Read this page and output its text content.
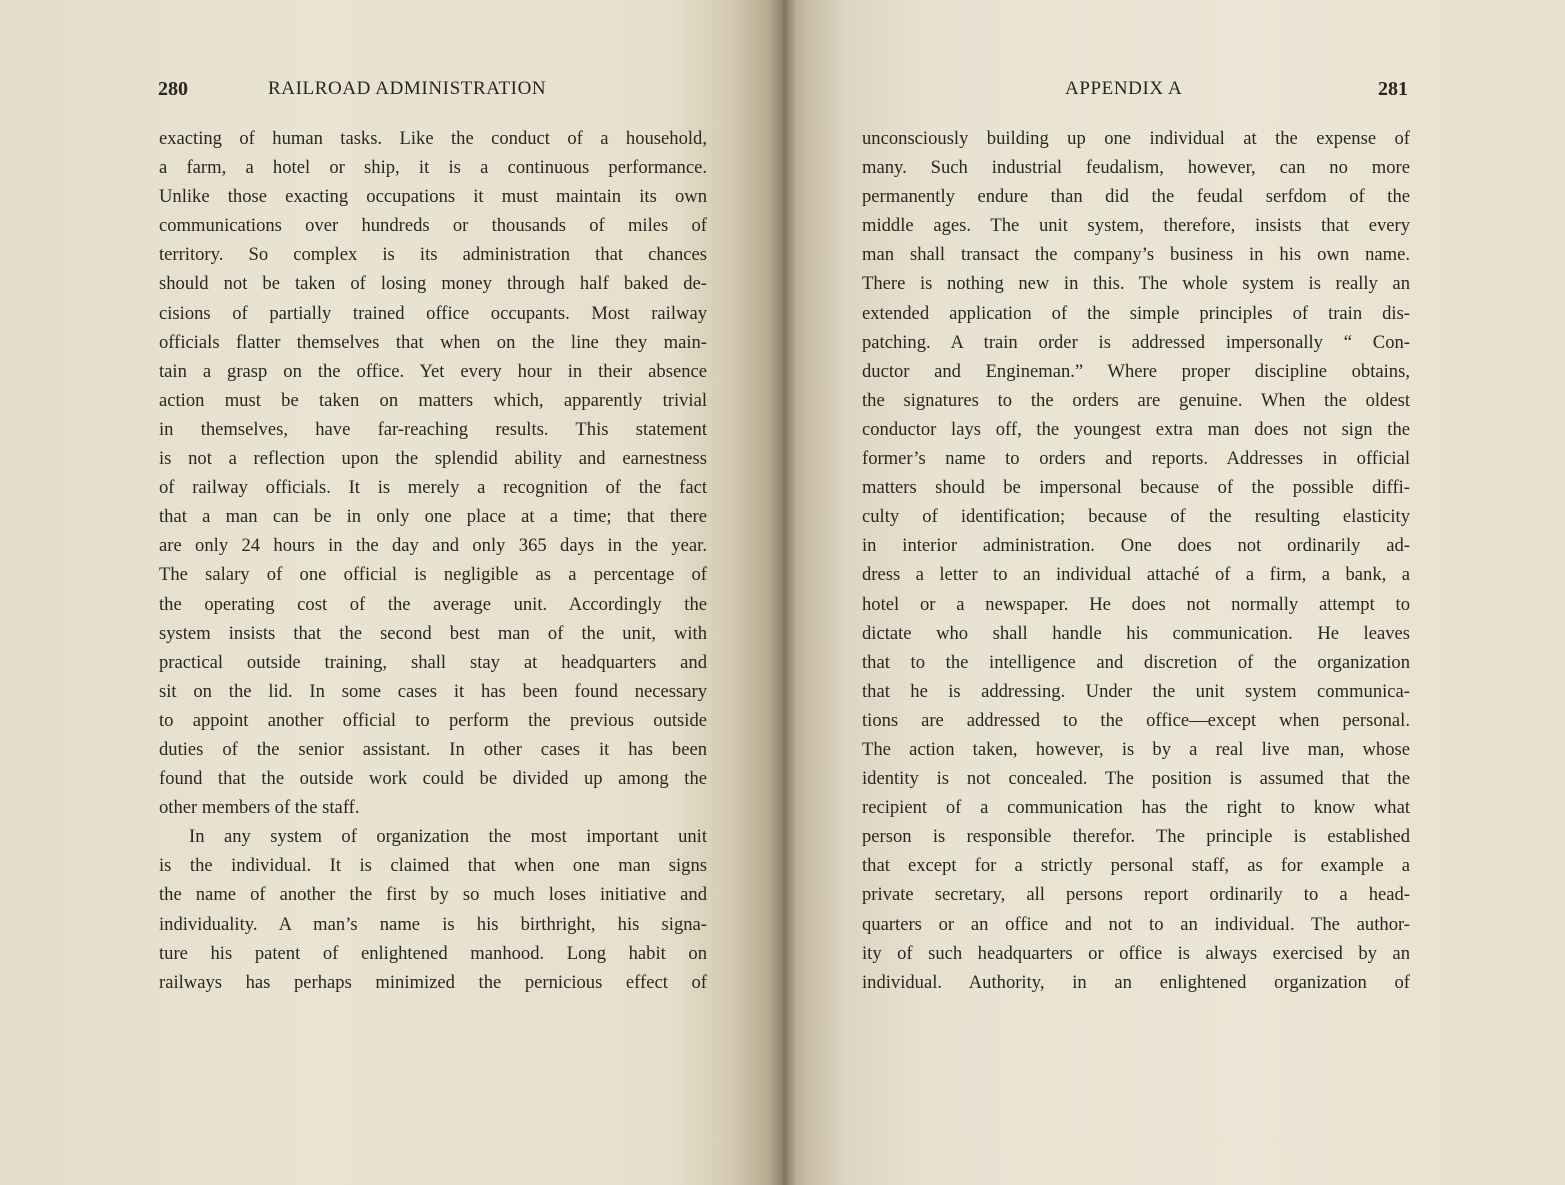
280	RAILROAD ADMINISTRATION
exacting of human tasks. Like the conduct of a household,
a farm, a hotel or ship, it is a continuous performance.
Unlike those exacting occupations it must maintain its own
communications over hundreds or thousands of miles of
territory. So complex is its administration that chances
should not be taken of losing money through half baked de-
cisions of partially trained office occupants. Most railway
officials flatter themselves that when on the line they main-
tain a grasp on the office. Yet every hour in their absence
action must be taken on matters which, apparently trivial
in themselves, have far-reaching results. This statement
is not a reflection upon the splendid ability and earnestness
of railway officials. It is merely a recognition of the fact
that a man can be in only one place at a time; that there
are only 24 hours in the day and only 365 days in the year.
The salary of one official is negligible as a percentage of
the operating cost of the average unit. Accordingly the
system insists that the second best man of the unit, with
practical outside training, shall stay at headquarters and
sit on the lid. In some cases it has been found necessary
to appoint another official to perform the previous outside
duties of the senior assistant. In other cases it has been
found that the outside work could be divided up among the
other members of the staff.
In any system of organization the most important unit
is the individual. It is claimed that when one man signs
the name of another the first by so much loses initiative and
individuality. A man’s name is his birthright, his signa-
ture his patent of enlightened manhood. Long habit on
railways has perhaps minimized the pernicious effect of
APPENDIX A	281
unconsciously building up one individual at the expense of
many. Such industrial feudalism, however, can no more
permanently endure than did the feudal serfdom of the
middle ages. The unit system, therefore, insists that every
man shall transact the company’s business in his own name.
There is nothing new in this. The whole system is really an
extended application of the simple principles of train dis-
patching. A train order is addressed impersonally “ Con-
ductor and Engineman.” Where proper discipline obtains,
the signatures to the orders are genuine. When the oldest
conductor lays off, the youngest extra man does not sign the
former’s name to orders and reports. Addresses in official
matters should be impersonal because of the possible diffi-
culty of identification; because of the resulting elasticity
in interior administration. One does not ordinarily ad-
dress a letter to an individual attaché of a firm, a bank, a
hotel or a newspaper. He does not normally attempt to
dictate who shall handle his communication. He leaves
that to the intelligence and discretion of the organization
that he is addressing. Under the unit system communica-
tions are addressed to the office—except when personal.
The action taken, however, is by a real live man, whose
identity is not concealed. The position is assumed that the
recipient of a communication has the right to know what
person is responsible therefor. The principle is established
that except for a strictly personal staff, as for example a
private secretary, all persons report ordinarily to a head-
quarters or an office and not to an individual. The author-
ity of such headquarters or office is always exercised by an
individual. Authority, in an enlightened organization of
